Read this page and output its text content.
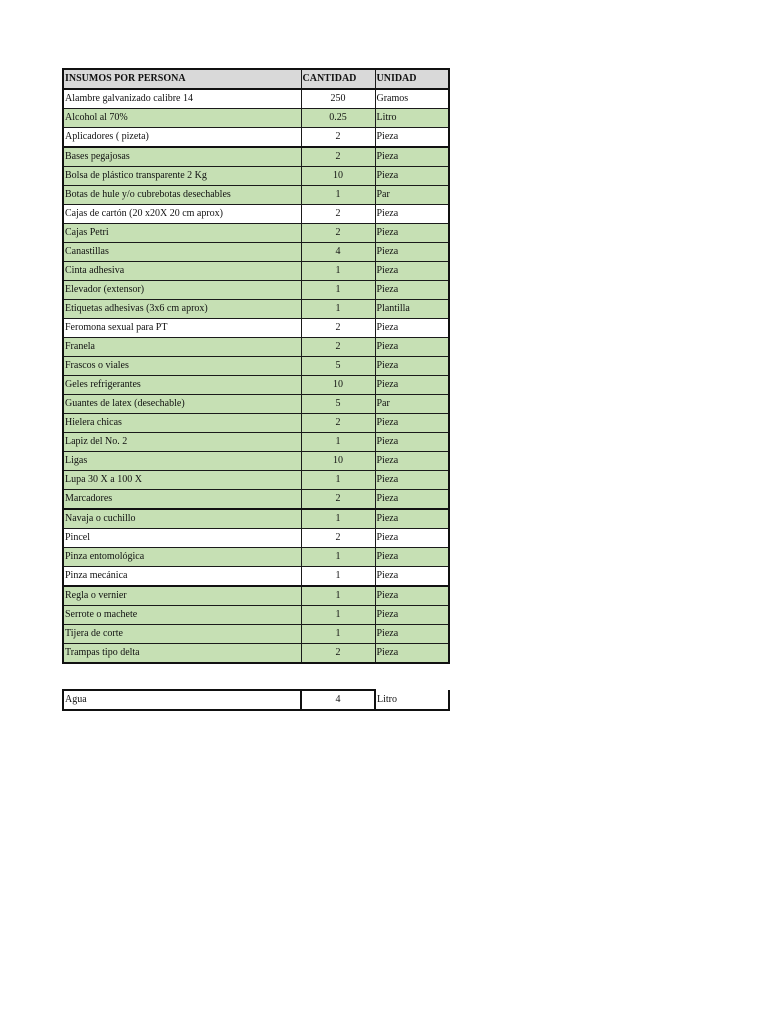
INSUMOS POR PERSONA	CANTIDAD	UNIDAD
Alambre galvanizado calibre 14	250	Gramos
Alcohol al 70%	0.25	Litro
Aplicadores ( pizeta)	2	Pieza
Bases pegajosas	2	Pieza
Bolsa de plástico transparente 2 Kg	10	Pieza
Botas de hule y/o cubrebotas desechables	1	Par
Cajas de cartón (20 x20X 20 cm aprox)	2	Pieza
Cajas Petri	2	Pieza
Canastillas	4	Pieza
Cinta adhesiva	1	Pieza
Elevador (extensor)	1	Pieza
Etiquetas adhesivas (3x6 cm aprox)	1	Plantilla
Feromona sexual para PT	2	Pieza
Franela	2	Pieza
Frascos o viales	5	Pieza
Geles refrigerantes	10	Pieza
Guantes de latex (desechable)	5	Par
Hielera chicas	2	Pieza
Lapiz del No. 2	1	Pieza
Ligas	10	Pieza
Lupa 30 X a 100 X	1	Pieza
Marcadores	2	Pieza
Navaja o cuchillo	1	Pieza
Pincel	2	Pieza
Pinza entomológica	1	Pieza
Pinza mecánica	1	Pieza
Regla o vernier	1	Pieza
Serrote o machete	1	Pieza
Tijera de corte	1	Pieza
Trampas tipo delta	2	Pieza
Agua	4	Litro
